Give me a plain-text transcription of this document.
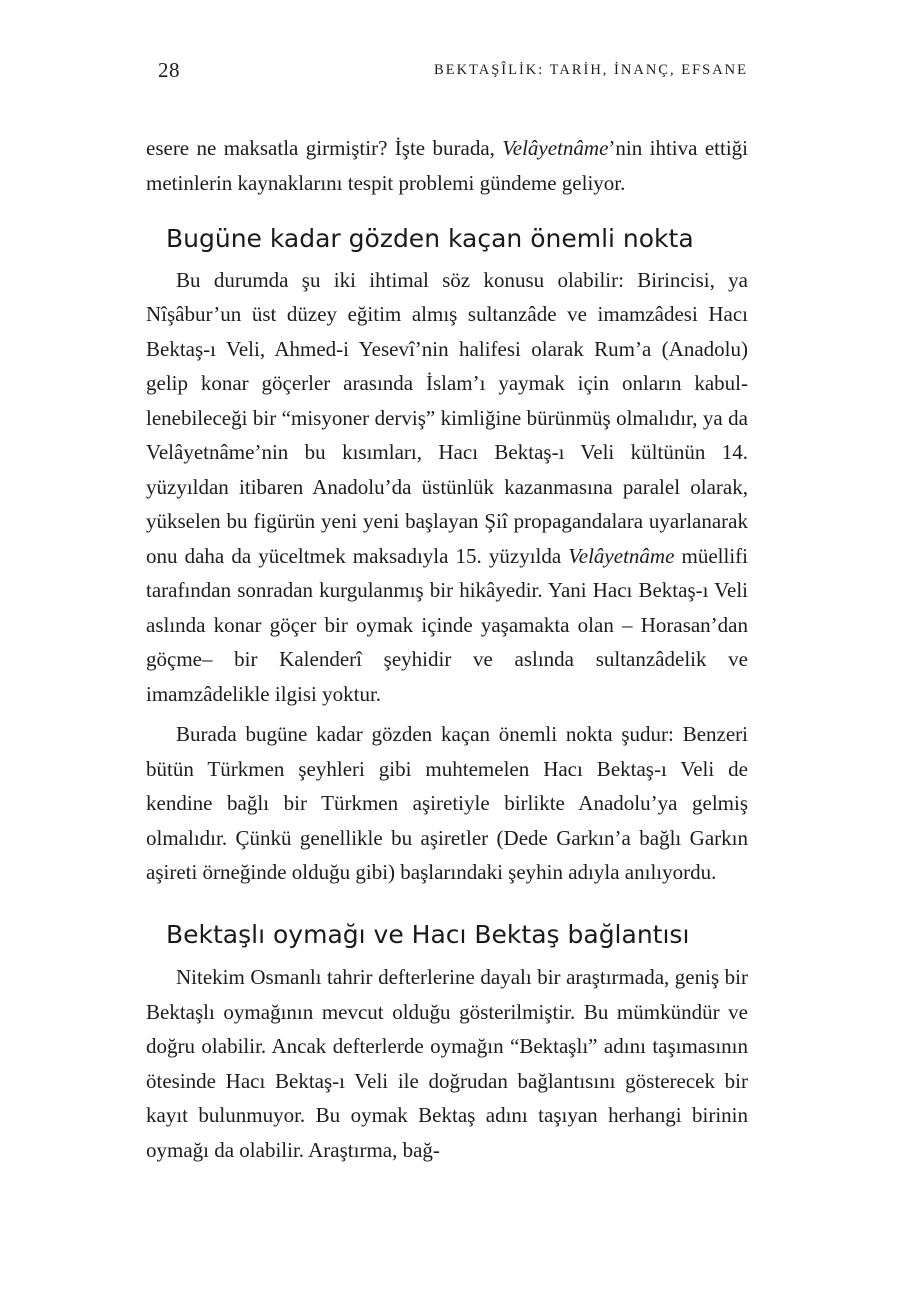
28	BEKTAŞÎLİK: TARİH, İNANÇ, EFSANE

esere ne maksatla girmiştir? İşte burada, Velâyetnâme’nin ihtiva ettiği metinlerin kaynaklarını tespit problemi gündeme geliyor.

Bugüne kadar gözden kaçan önemli nokta

Bu durumda şu iki ihtimal söz konusu olabilir: Birincisi, ya Nîşâbur’un üst düzey eğitim almış sultanzâde ve imamzâdesi Hacı Bektaş-ı Veli, Ahmed-i Yesevî’nin halifesi olarak Rum’a (Anadolu) gelip konar göçerler arasında İslam’ı yaymak için onların kabullenebileceği bir “misyoner derviş” kimliğine bürünmüş olmalıdır, ya da Velâyetnâme’nin bu kısımları, Hacı Bektaş-ı Veli kültünün 14. yüzyıldan itibaren Anadolu’da üstünlük kazanmasına paralel olarak, yükselen bu figürün yeni yeni başlayan Şiî propagandalara uyarlanarak onu daha da yüceltmek maksadıyla 15. yüzyılda Velâyetnâme müellifi tarafından sonradan kurgulanmış bir hikâyedir. Yani Hacı Bektaş-ı Veli aslında konar göçer bir oymak içinde yaşamakta olan – Horasan’dan göçme– bir Kalenderî şeyhidir ve aslında sultanzâdelik ve imamzâdelikle ilgisi yoktur.

Burada bugüne kadar gözden kaçan önemli nokta şudur: Benzeri bütün Türkmen şeyhleri gibi muhtemelen Hacı Bektaş-ı Veli de kendine bağlı bir Türkmen aşiretiyle birlikte Anadolu’ya gelmiş olmalıdır. Çünkü genellikle bu aşiretler (Dede Garkın’a bağlı Garkın aşireti örneğinde olduğu gibi) başlarındaki şeyhin adıyla anılıyordu.

Bektaşlı oymağı ve Hacı Bektaş bağlantısı

Nitekim Osmanlı tahrir defterlerine dayalı bir araştırmada, geniş bir Bektaşlı oymağının mevcut olduğu gösterilmiştir. Bu mümkündür ve doğru olabilir. Ancak defterlerde oymağın “Bektaşlı” adını taşımasının ötesinde Hacı Bektaş-ı Veli ile doğrudan bağlantısını gösterecek bir kayıt bulunmuyor. Bu oymak Bektaş adını taşıyan herhangi birinin oymağı da olabilir. Araştırma, bağ-
